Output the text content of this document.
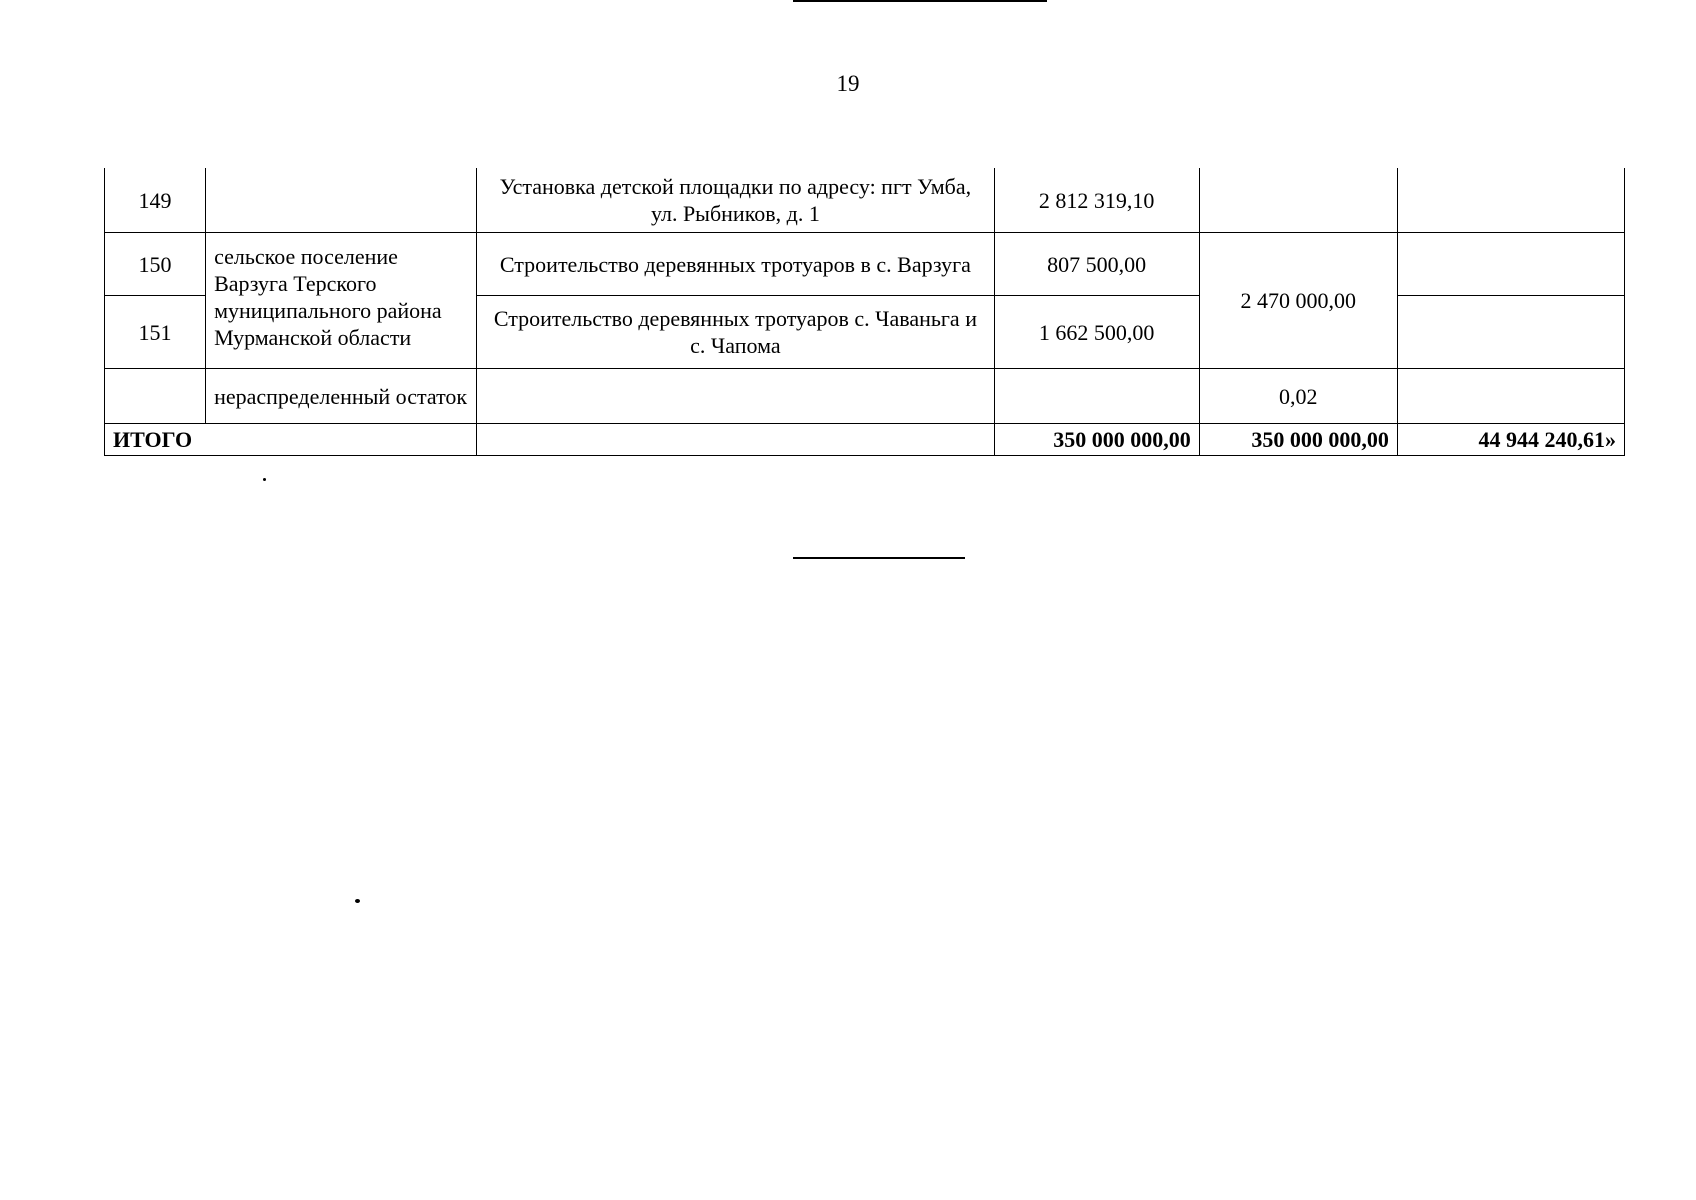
19
149		Установка детской площадки по адресу: пгт Умба, ул. Рыбников, д. 1	2 812 319,10		
150	сельское поселение Варзуга Терского муниципального района Мурманской области	Строительство деревянных тротуаров в с. Варзуга	807 500,00	2 470 000,00	
151		Строительство деревянных тротуаров с. Чаваньга и с. Чапома	1 662 500,00		
	нераспределенный остаток			0,02	
ИТОГО			350 000 000,00	350 000 000,00	44 944 240,61»
